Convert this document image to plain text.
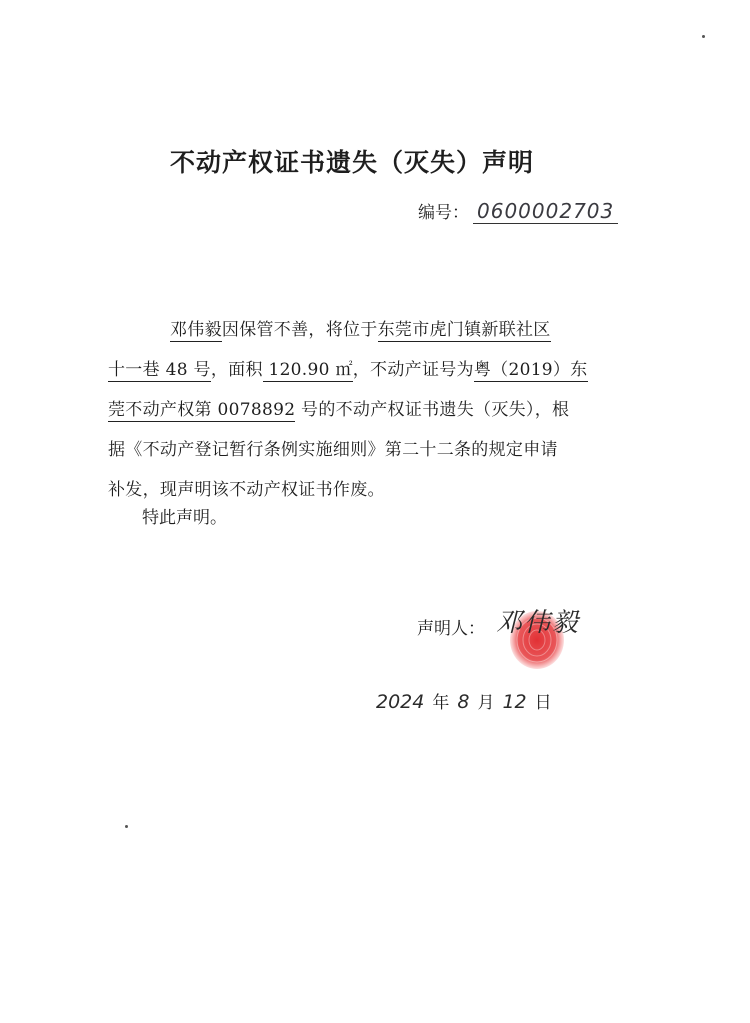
不动产权证书遗失（灭失）声明
编号： 0600002703
邓伟毅因保管不善，将位于东莞市虎门镇新联社区
十一巷 48 号，面积 120.90 ㎡，不动产证号为粤（2019）东
莞不动产权第 0078892 号的不动产权证书遗失（灭失），根
据《不动产登记暂行条例实施细则》第二十二条的规定申请
补发，现声明该不动产权证书作废。
特此声明。
声明人： 邓伟毅
2024 年 8 月 12 日
